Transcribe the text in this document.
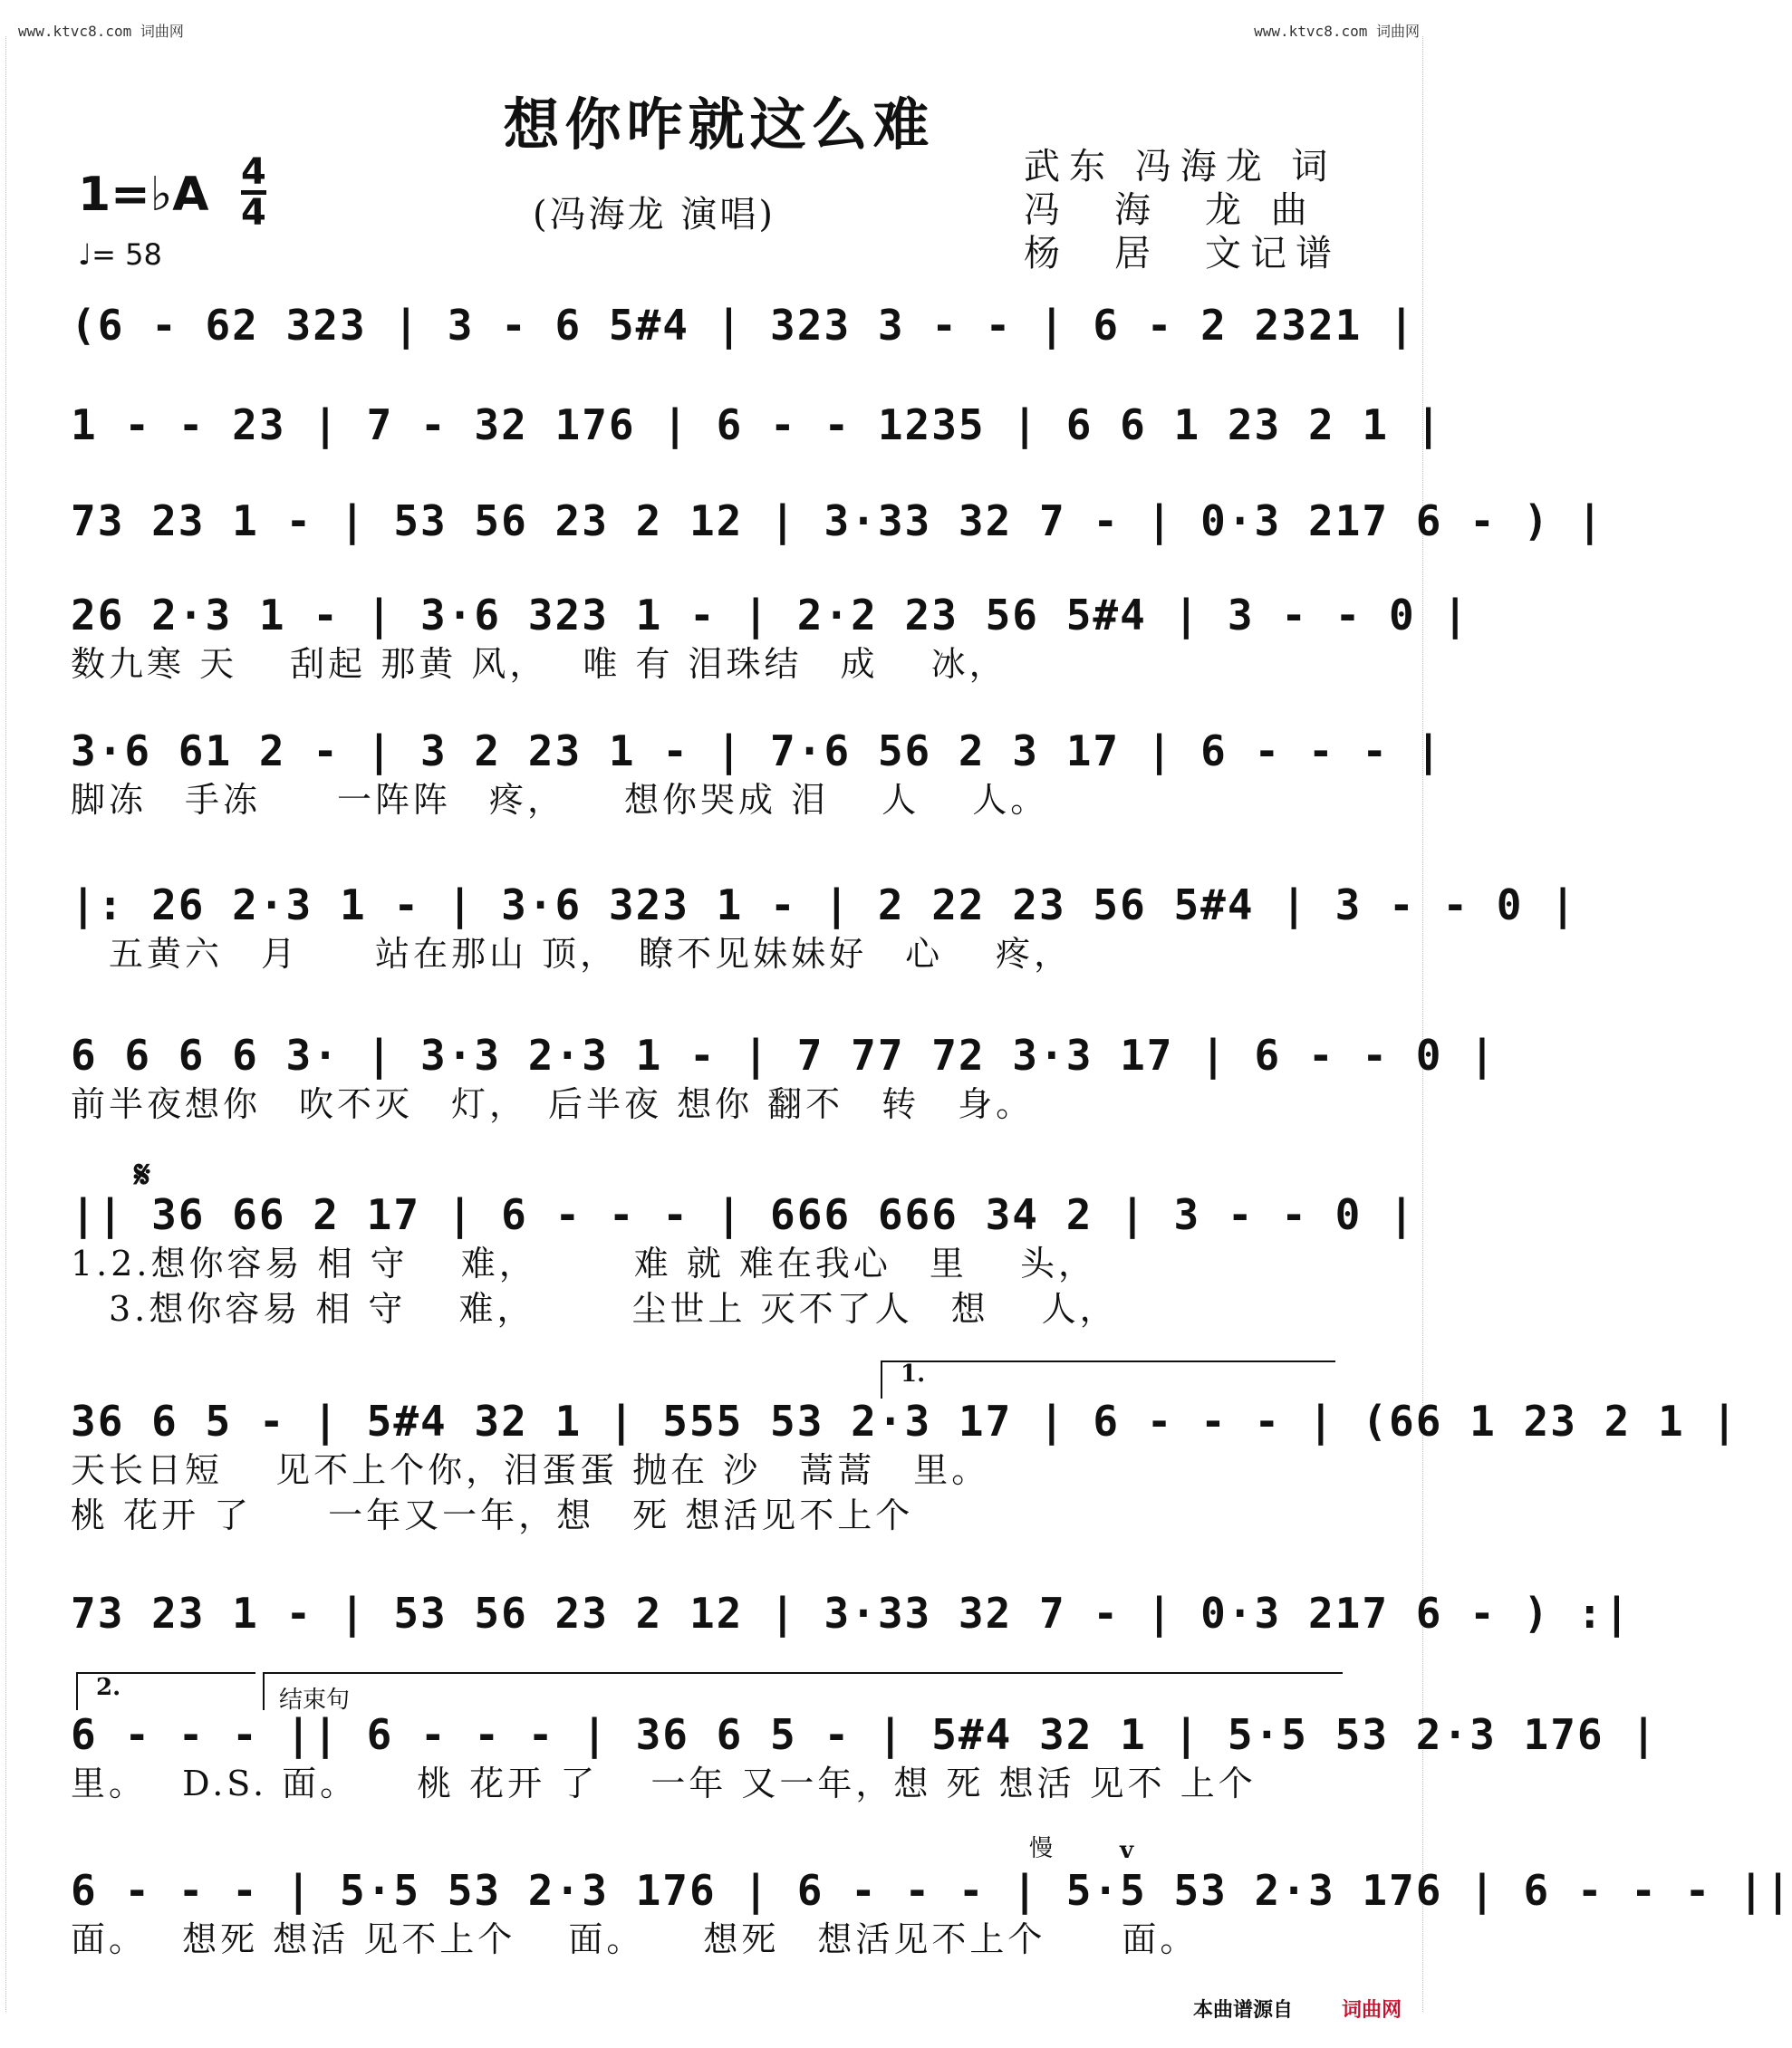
www.ktvc8.com 词曲网	www.ktvc8.com 词曲网
想你咋就这么难
1=♭A 4
4
♩= 58
(冯海龙 演唱)
武东 冯海龙 词
冯　海　龙 曲
杨　居　文记谱
(6 - 62 323 | 3 - 6 5#4 | 323 3 - - | 6 - 2 2321 |
1 - - 23 | 7 - 32 176 | 6 - - 1235 | 6 6 1 23 2 1 |
73 23 1 - | 53 56 23 2 12 | 3·33 32 7 - | 0·3 217 6 - ) |
26 2·3 1 - | 3·6 323 1 - | 2·2 23 56 5#4 | 3 - - 0 |
数九寒 天　 刮起 那黄 风，　 唯 有 泪珠结　成　 冰，
3·6 61 2 - | 3 2 23 1 - | 7·6 56 2 3 17 | 6 - - - |
脚冻　手冻　　一阵阵　疼，　　想你哭成 泪　 人　 人。
|: 26 2·3 1 - | 3·6 323 1 - | 2 22 23 56 5#4 | 3 - - 0 |
　五黄六　月　　站在那山 顶，　瞭不见妹妹好　心　 疼，
6 6 6 6 3· | 3·3 2·3 1 - | 7 77 72 3·3 17 | 6 - - 0 |
前半夜想你　吹不灭　灯，　后半夜 想你 翻不　转　身。
𝄋
|| 36 66 2 17 | 6 - - - | 666 666 34 2 | 3 - - 0 |
1.2.想你容易 相 守　 难，　　　难 就 难在我心　里　 头，
　3.想你容易 相 守　 难，　　　尘世上 灭不了人　想　 人，
1.
36 6 5 - | 5#4 32 1 | 555 53 2·3 17 | 6 - - - | (66 1 23 2 1 |
天长日短　 见不上个你，泪蛋蛋 抛在 沙　蒿蒿　里。
桃 花开 了　　一年又一年，想　死 想活见不上个
73 23 1 - | 53 56 23 2 12 | 3·33 32 7 - | 0·3 217 6 - ) :|
2.	结束句
6 - - - || 6 - - - | 36 6 5 - | 5#4 32 1 | 5·5 53 2·3 176 |
里。　 D.S. 面。　　桃 花开 了　 一年 又一年，想 死 想活 见不 上个
慢	v
6 - - - | 5·5 53 2·3 176 | 6 - - - | 5·5 53 2·3 176 | 6 - - - ||
面。　 想死 想活 见不上个　 面。　　想死　想活见不上个　　面。
本曲谱源自 词曲网
